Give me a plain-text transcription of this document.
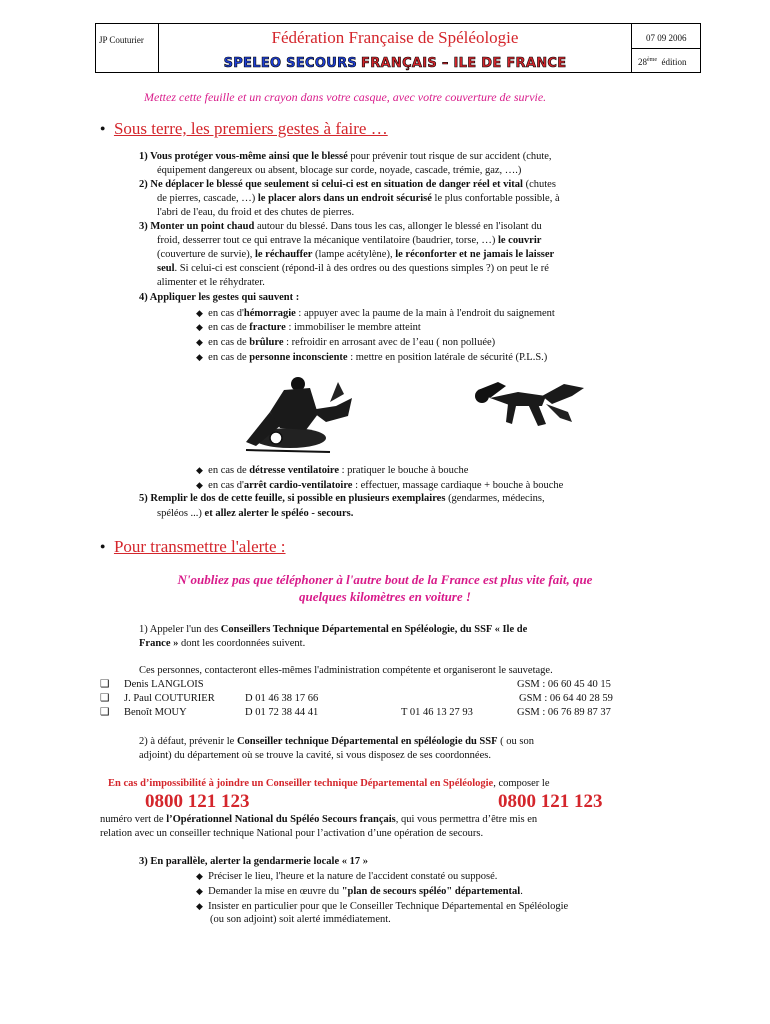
JP Couturier	Fédération Française de Spéléologie
SPELEO SECOURS FRANÇAIS – ILE DE FRANCE
07 09 2006
28ème édition
Mettez cette feuille et un crayon dans votre casque, avec votre couverture de survie.
● Sous terre, les premiers gestes à faire …
1) Vous protéger vous-même ainsi que le blessé pour prévenir tout risque de sur accident (chute,
équipement dangereux ou absent, blocage sur corde, noyade, cascade, trémie, gaz, ….)
2) Ne déplacer le blessé que seulement si celui-ci est en situation de danger réel et vital (chutes
de pierres, cascade, …) le placer alors dans un endroit sécurisé le plus confortable possible, à
l'abri de l'eau, du froid et des chutes de pierres.
3) Monter un point chaud autour du blessé. Dans tous les cas, allonger le blessé en l'isolant du
froid, desserrer tout ce qui entrave la mécanique ventilatoire (baudrier, torse, …) le couvrir
(couverture de survie), le réchauffer (lampe acétylène), le réconforter et ne jamais le laisser
seul. Si celui-ci est conscient (répond-il à des ordres ou des questions simples ?) on peut le ré
alimenter et le réhydrater.
4) Appliquer les gestes qui sauvent :
◆ en cas d'hémorragie : appuyer avec la paume de la main à l'endroit du saignement
◆ en cas de fracture : immobiliser le membre atteint
◆ en cas de brûlure : refroidir en arrosant avec de l’eau ( non polluée)
◆ en cas de personne inconsciente : mettre en position latérale de sécurité (P.L.S.)
◆ en cas de détresse ventilatoire : pratiquer le bouche à bouche
◆ en cas d'arrêt cardio-ventilatoire : effectuer, massage cardiaque + bouche à bouche
5) Remplir le dos de cette feuille, si possible en plusieurs exemplaires (gendarmes, médecins,
spéléos ...) et allez alerter le spéléo - secours.
● Pour transmettre l'alerte :
N'oubliez pas que téléphoner à l'autre bout de la France est plus vite fait, que
quelques kilomètres en voiture !
1) Appeler l'un des Conseillers Technique Départemental en Spéléologie, du SSF « Ile de
France » dont les coordonnées suivent.
Ces personnes, contacteront elles-mêmes l'administration compétente et organiseront le sauvetage.
❑ Denis LANGLOIS	GSM : 06 60 45 40 15
❑ J. Paul COUTURIER	D 01 46 38 17 66	GSM : 06 64 40 28 59
❑ Benoît MOUY	D 01 72 38 44 41	T 01 46 13 27 93	GSM : 06 76 89 87 37
2) à défaut, prévenir le Conseiller technique Départemental en spéléologie du SSF ( ou son
adjoint) du département où se trouve la cavité, si vous disposez de ses coordonnées.
En cas d’impossibilité à joindre un Conseiller technique Départemental en Spéléologie, composer le
0800 121 123	0800 121 123
numéro vert de l’Opérationnel National du Spéléo Secours français, qui vous permettra d’être mis en
relation avec un conseiller technique National pour l’activation d’une opération de secours.
3) En parallèle, alerter la gendarmerie locale « 17 »
◆ Préciser le lieu, l'heure et la nature de l'accident constaté ou supposé.
◆ Demander la mise en œuvre du "plan de secours spéléo" départemental.
◆ Insister en particulier pour que le Conseiller Technique Départemental en Spéléologie
(ou son adjoint) soit alerté immédiatement.
